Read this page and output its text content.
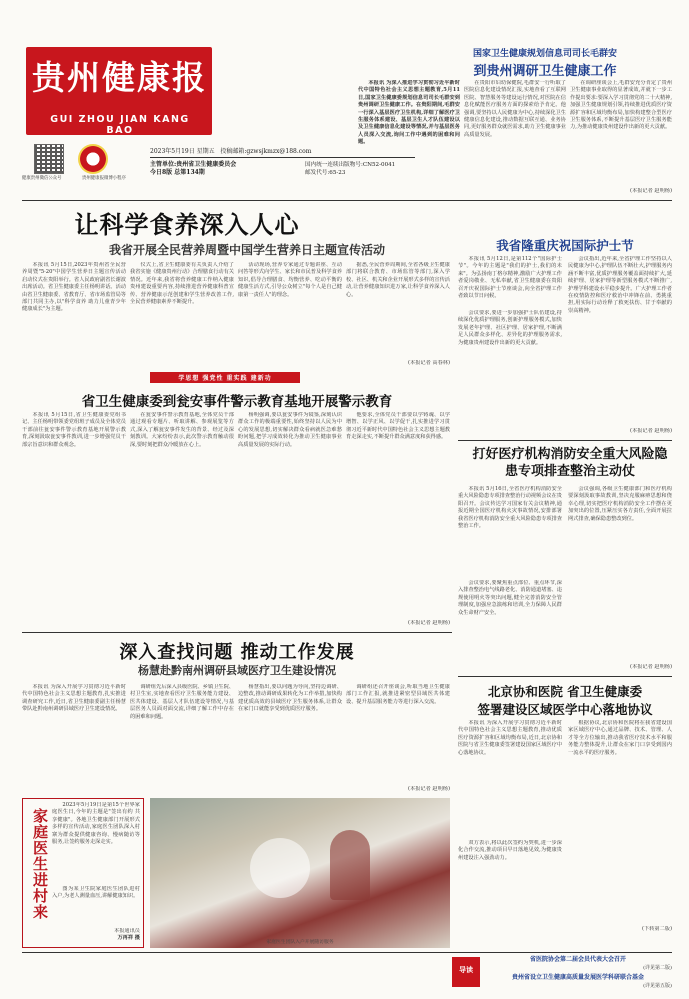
贵州健康报
GUI ZHOU JIAN KANG BAO
健康贵州微信公众号	贵州健康报微博小程序
2023年5月19日 星期五 投稿邮箱:gzwsjkmzx@188.com
主管单位:贵州省卫生健康委员会
今日8版 总第134期
国内统一连续出版物号:CN52-0041
邮发代号:65-23
国家卫生健康规划信息司司长毛群安
到贵州调研卫生健康工作

本报讯 为深入推进学习贯彻习近平新时代中国特色社会主义思想主题教育,5月11日,国家卫生健康委规划信息司司长毛群安到贵州调研卫生健康工作。在贵阳期间,毛群安一行深入基层医疗卫生机构,详细了解医疗卫生服务体系建设、基层卫生人才队伍建设以及卫生健康信息化建设等情况,并与基层医务人员深入交流,询问工作中遇到的困难和问题。

在贵阳市妇幼保健院,毛群安一行听取了医院信息化建设情况汇报,实地查看了互联网医院、智慧服务等建设运行情况,对医院在信息化赋能医疗服务方面的探索给予肯定。他强调,要坚持以人民健康为中心,持续深化卫生健康信息化建设,推动数据互联互通、业务协同,更好服务群众就医需求,助力卫生健康事业高质量发展。

在调研座谈会上,毛群安充分肯定了贵州卫生健康事业取得的显著成效,并就下一步工作提出要求:要深入学习贯彻党的二十大精神,加强卫生健康规划引领,持续推进优质医疗资源扩容和区域均衡布局,加快构建整合型医疗卫生服务体系,不断提升基层医疗卫生服务能力,为推动健康贵州建设作出新的更大贡献。

(本报记者 赵明杨)
让科学食养深入人心
我省开展全民营养周暨中国学生营养日主题宣传活动

本报讯 5月15日,2023年贵州省全民营养周暨"5·20"中国学生营养日主题宣传活动启动仪式在贵阳举行。省人民政府副省长谢波出席活动。省卫生健康委主任杨明讲话。活动由省卫生健康委、省教育厅、省市场监管局等部门共同主办,以"科学食养 助力儿童青少年健康成长"为主题。

仪式上,省卫生健康委有关负责人介绍了我省实施《健康贵州行动》合理膳食行动有关情况。近年来,我省将营养健康工作纳入健康贵州建设重要内容,持续推进营养健康科普宣传、营养健康示范创建和学生营养改善工作,全民营养健康素养不断提升。

活动现场,营养专家通过专题讲座、互动问答等形式向学生、家长和市民普及科学食养知识,倡导合理膳食、均衡营养、吃动平衡的健康生活方式,引导公众树立"每个人是自己健康第一责任人"的理念。

据悉,全民营养周期间,全省各级卫生健康部门将联合教育、市场监管等部门,深入学校、社区、机关和企业开展形式多样的宣传活动,让营养健康知识进万家,让科学食养深入人心。

(本报记者 高春林)
我省隆重庆祝国际护士节

本报讯 5月12日,是第112个"国际护士节"。今年的主题是"我们的护士,我们的未来"。为弘扬南丁格尔精神,激励广大护理工作者爱岗敬业、无私奉献,省卫生健康委在贵阳召开庆祝国际护士节座谈会,向全省护理工作者致以节日问候。

会议指出,近年来,全省护理工作坚持以人民健康为中心,护理队伍不断壮大,护理服务内涵不断丰富,优质护理服务覆盖面持续扩大,延续护理、居家护理等新型服务模式不断推广,护理学科建设水平稳步提升。广大护理工作者在疫情防控和医疗救治中冲锋在前、勇挑重担,用实际行动诠释了救死扶伤、甘于奉献的崇高精神。

会议要求,要进一步加强护士队伍建设,持续深化优质护理服务,创新护理服务模式,加快发展老年护理、社区护理、居家护理,不断满足人民群众多样化、差异化的护理服务需求,为健康贵州建设作出新的更大贡献。

(本报记者 赵明杨)
学思想 强党性 重实践 建新功
省卫生健康委到瓮安事件警示教育基地开展警示教育

本报讯 5月15日,省卫生健康委党组书记、主任杨明带领委党组班子成员及全体党员干部前往瓮安事件警示教育基地开展警示教育,深刻汲取瓮安事件教训,进一步增强党员干部宗旨意识和群众观念。

在瓮安事件警示教育基地,全体党员干部通过观看专题片、听取讲解、参观展览等方式,深入了解瓮安事件发生的背景、经过及深刻教训。大家纷纷表示,此次警示教育触动很深,要时刻把群众冷暖放在心上。

杨明强调,要以瓮安事件为镜鉴,深刻认识群众工作的极端重要性,始终坚持以人民为中心的发展思想,切实解决群众看病就医急难愁盼问题,把学习成效转化为推动卫生健康事业高质量发展的实际行动。

他要求,全体党员干部要以学铸魂、以学增智、以学正风、以学促干,扎实推进学习贯彻习近平新时代中国特色社会主义思想主题教育走深走实,不断提升群众满意度和获得感。

(本报记者 赵明杨)
打好医疗机构消防安全重大风险隐患专项排查整治主动仗

本报讯 5月16日,全省医疗机构消防安全重大风险隐患专项排查整治行动视频会议在贵阳召开。会议传达学习国家有关会议精神,通报近期全国医疗机构火灾事故情况,安排部署我省医疗机构消防安全重大风险隐患专项排查整治工作。

会议强调,各级卫生健康部门和医疗机构要深刻汲取事故教训,坚决克服麻痹思想和侥幸心理,切实把医疗机构消防安全工作摆在更加突出的位置,压紧压实各方责任,全面开展拉网式排查,确保隐患整改到位。

会议要求,要聚焦重点部位、重点环节,深入排查整治电气线路老化、消防通道堵塞、违规使用明火等突出问题,健全完善消防安全管理制度,加强应急演练和培训,全力保障人民群众生命财产安全。

(本报记者 赵明杨)
深入查找问题 推动工作发展
杨慧赴黔南州调研县域医疗卫生建设情况

本报讯 为深入开展学习贯彻习近平新时代中国特色社会主义思想主题教育,扎实推进调查研究工作,近日,省卫生健康委副主任杨慧带队赴黔南州调研县域医疗卫生建设情况。

调研组先后深入县级医院、乡镇卫生院、村卫生室,实地查看医疗卫生服务能力建设、医共体建设、基层人才队伍建设等情况,与基层医务人员面对面交流,详细了解工作中存在的困难和问题。

杨慧指出,要以问题为导向,坚持边调研、边整改,推动调研成果转化为工作举措,加快构建优质高效的县域医疗卫生服务体系,让群众在家门口就能享受到优质医疗服务。

调研组还召开座谈会,听取当地卫生健康部门工作汇报,就推进紧密型县域医共体建设、提升基层服务能力等进行深入交流。

(本报记者 赵明杨)
北京协和医院 省卫生健康委
签署建设区域医学中心落地协议

本报讯 为深入开展学习贯彻习近平新时代中国特色社会主义思想主题教育,推动优质医疗资源扩容和区域均衡布局,近日,北京协和医院与省卫生健康委签署建设国家区域医疗中心落地协议。

根据协议,北京协和医院将在我省建设国家区域医疗中心,通过品牌、技术、管理、人才等全方位输出,推动我省医疗技术水平和服务能力整体提升,让群众在家门口享受到国内一流水平的医疗服务。

双方表示,将以此次签约为契机,进一步深化合作交流,推动项目早日落地见效,为健康贵州建设注入强劲动力。

(下转第二版)
家庭医生进村来

2023年5月19日是第15个世界家庭医生日,今年的主题是"签出有约 共享健康"。各地卫生健康部门开展形式多样的宣传活动,家庭医生团队深入村寨为群众提供健康咨询、慢病随访等服务,让签约服务走深走实。

图为某卫生院家庭医生团队进村入户,为老人测量血压,讲解健康知识。

本报通讯员
万再祥 摄
家庭医生团队入户开展随访服务
导读
省医院协会第二届会员代表大会召开
(详见第二版)
贵州省设立卫生健康高质量发展医学科研联合基金
(详见第五版)
